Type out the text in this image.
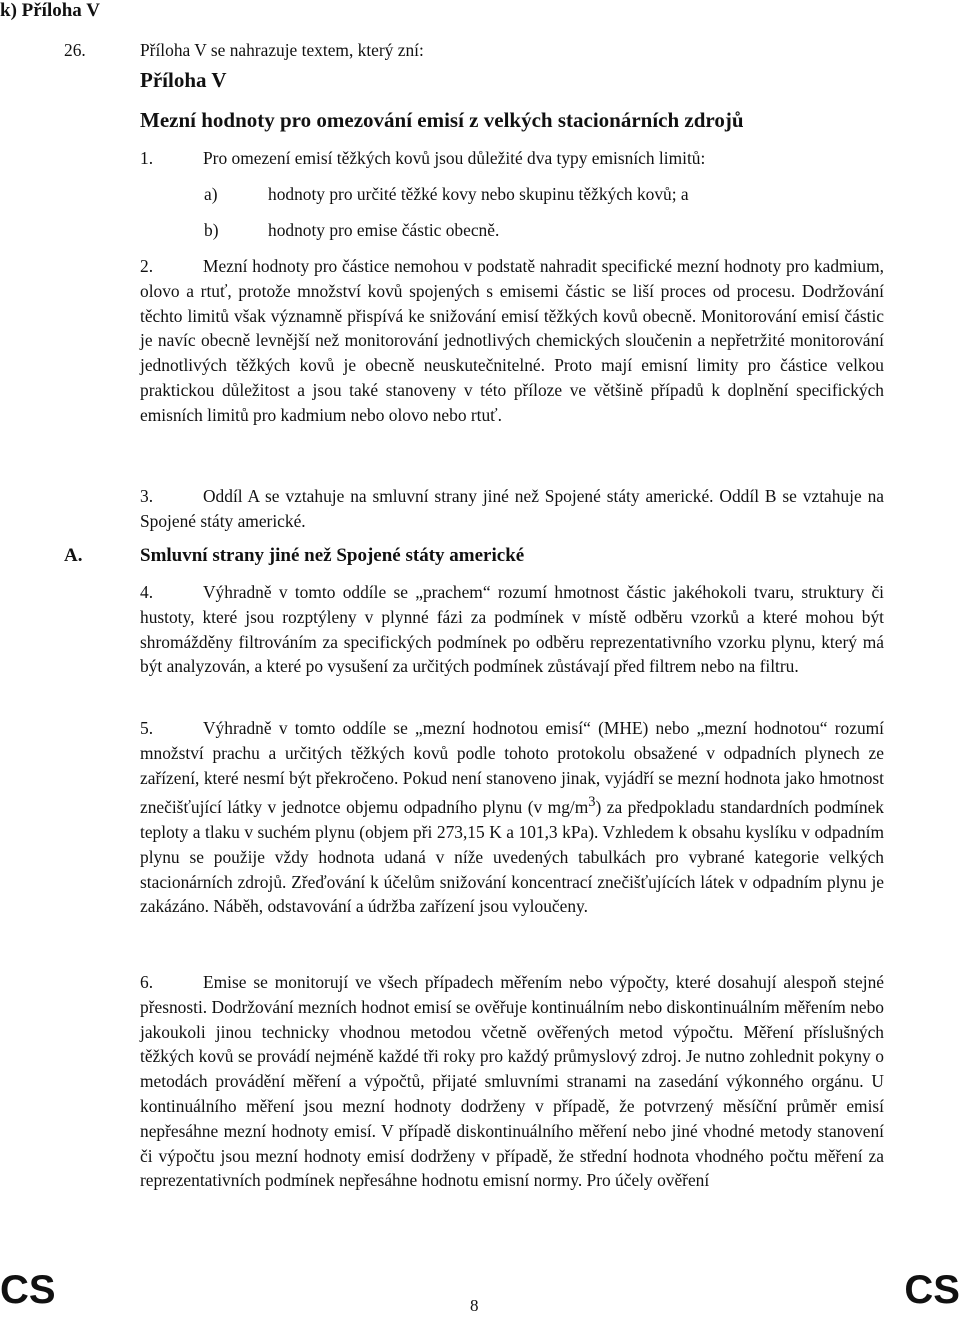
k) Příloha V
26.	Příloha V se nahrazuje textem, který zní:
Příloha V
Mezní hodnoty pro omezování emisí z velkých stacionárních zdrojů
1.	Pro omezení emisí těžkých kovů jsou důležité dva typy emisních limitů:
a)	hodnoty pro určité těžké kovy nebo skupinu těžkých kovů; a
b)	hodnoty pro emise částic obecně.
2.	Mezní hodnoty pro částice nemohou v podstatě nahradit specifické mezní hodnoty pro kadmium, olovo a rtuť, protože množství kovů spojených s emisemi částic se liší proces od procesu. Dodržování těchto limitů však významně přispívá ke snižování emisí těžkých kovů obecně. Monitorování emisí částic je navíc obecně levnější než monitorování jednotlivých chemických sloučenin a nepřetržité monitorování jednotlivých těžkých kovů je obecně neuskutečnitelné. Proto mají emisní limity pro částice velkou praktickou důležitost a jsou také stanoveny v této příloze ve většině případů k doplnění specifických emisních limitů pro kadmium nebo olovo nebo rtuť.
3.	Oddíl A se vztahuje na smluvní strany jiné než Spojené státy americké. Oddíl B se vztahuje na Spojené státy americké.
A.	Smluvní strany jiné než Spojené státy americké
4.	Výhradně v tomto oddíle se „prachem“ rozumí hmotnost částic jakéhokoli tvaru, struktury či hustoty, které jsou rozptýleny v plynné fázi za podmínek v místě odběru vzorků a které mohou být shromážděny filtrováním za specifických podmínek po odběru reprezentativního vzorku plynu, který má být analyzován, a které po vysušení za určitých podmínek zůstávají před filtrem nebo na filtru.
5.	Výhradně v tomto oddíle se „mezní hodnotou emisí“ (MHE) nebo „mezní hodnotou“ rozumí množství prachu a určitých těžkých kovů podle tohoto protokolu obsažené v odpadních plynech ze zařízení, které nesmí být překročeno. Pokud není stanoveno jinak, vyjádří se mezní hodnota jako hmotnost znečišťující látky v jednotce objemu odpadního plynu (v $mg/m^3$) za předpokladu standardních podmínek teploty a tlaku v suchém plynu (objem při 273,15 K a 101,3 kPa). Vzhledem k obsahu kyslíku v odpadním plynu se použije vždy hodnota udaná v níže uvedených tabulkách pro vybrané kategorie velkých stacionárních zdrojů. Zřeďování k účelům snižování koncentrací znečišťujících látek v odpadním plynu je zakázáno. Náběh, odstavování a údržba zařízení jsou vyloučeny.
6.	Emise se monitorují ve všech případech měřením nebo výpočty, které dosahují alespoň stejné přesnosti. Dodržování mezních hodnot emisí se ověřuje kontinuálním nebo diskontinuálním měřením nebo jakoukoli jinou technicky vhodnou metodou včetně ověřených metod výpočtu. Měření příslušných těžkých kovů se provádí nejméně každé tři roky pro každý průmyslový zdroj. Je nutno zohlednit pokyny o metodách provádění měření a výpočtů, přijaté smluvními stranami na zasedání výkonného orgánu. U kontinuálního měření jsou mezní hodnoty dodrženy v případě, že potvrzený měsíční průměr emisí nepřesáhne mezní hodnoty emisí. V případě diskontinuálního měření nebo jiné vhodné metody stanovení či výpočtu jsou mezní hodnoty emisí dodrženy v případě, že střední hodnota vhodného počtu měření za reprezentativních podmínek nepřesáhne hodnotu emisní normy. Pro účely ověření
CS	8	CS
